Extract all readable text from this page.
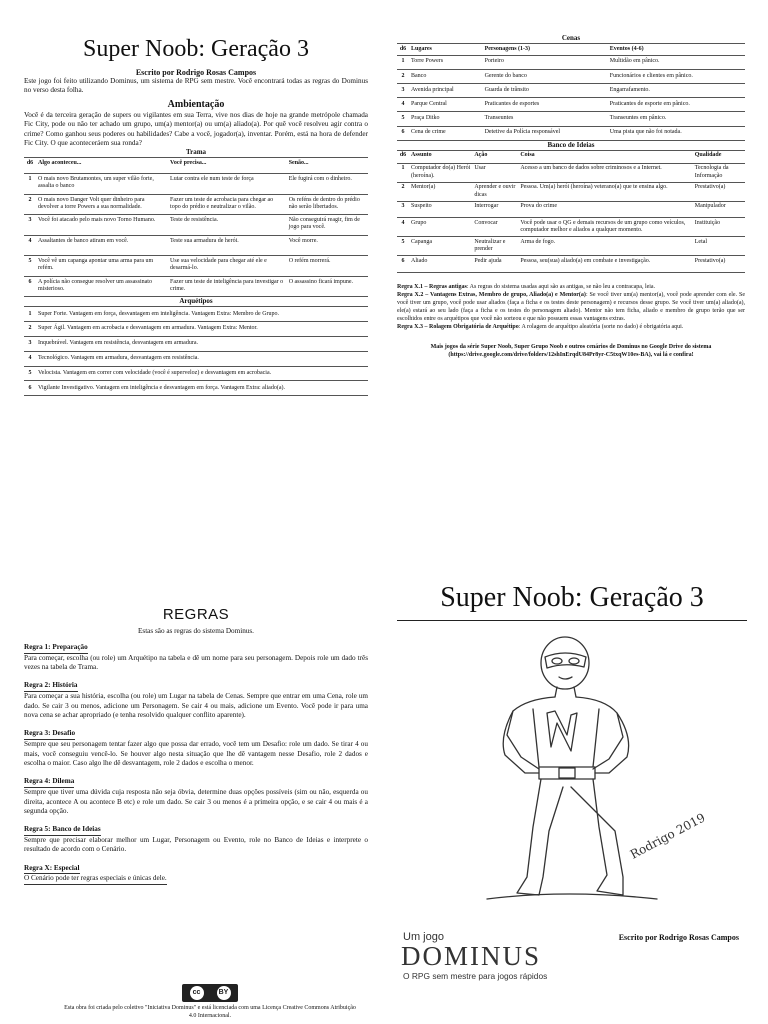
Super Noob: Geração 3
Escrito por Rodrigo Rosas Campos

Este jogo foi feito utilizando Dominus, um sistema de RPG sem mestre. Você encontrará todas as regras do Dominus no verso desta folha.

Ambientação

Você é da terceira geração de supers ou vigilantes em sua Terra, vive nos dias de hoje na grande metrópole chamada Fic City, pode ou não ter achado um grupo, um(a) mentor(a) ou um(a) aliado(a). Por quê você resolveu agir contra o crime? Como ganhou seus poderes ou habilidades? Cabe a você, jogador(a), inventar. Porém, está na hora de defender Fic City. O que aconteceráem sua ronda?

Trama
d6	Algo aconteceu...	Você precisa...	Senão...
1	O mais novo Brutamontes, um super vilão forte, assalta o banco	Lutar contra ele num teste de força	Ele fugirá com o dinheiro.
2	O mais novo Danger Volt quer dinheiro para devolver a torre Powers a sua normalidade.	Fazer um teste de acrobacia para chegar ao topo do prédio e neutralizar o vilão.	Os reféns de dentro do prédio não serão libertados.
3	Você foi atacado pelo mais novo Torno Humano.	Teste de resistência.	Não conseguirá reagir, fim de jogo para você.
4	Assaltantes de banco atiram em você.	Teste sua armadura de herói.	Você morre.
5	Você vê um capanga apontar uma arma para um refém.	Use sua velocidade para chegar até ele e desarmá-lo.	O refém morrerá.
6	A polícia não consegue resolver um assassinato misterioso.	Fazer um teste de inteligência para investigar o crime.	O assassino ficará impune.
Arquétipos
1	Super Forte. Vantagem em força, desvantagem em inteligência. Vantagem Extra: Membro de Grupo.
2	Super Ágil. Vantagem em acrobacia e desvantagem em armadura. Vantagem Extra: Mentor.
3	Inquebrável. Vantagem em resistência, desvantagem em armadura.
4	Tecnológico. Vantagem em armadura, desvantagem em resistência.
5	Velocista. Vantagem em correr com velocidade (você é superveloz) e desvantagem em acrobacia.
6	Vigilante Investigativo. Vantagem em inteligência e desvantagem em força. Vantagem Extra: aliado(a).
Cenas
d6	Lugares	Personagens (1-3)	Eventos (4-6)
1	Torre Powers	Porteiro	Multidão em pânico.
2	Banco	Gerente do banco	Funcionários e clientes em pânico.
3	Avenida principal	Guarda de trânsito	Engarrafamento.
4	Parque Central	Praticantes de esportes	Praticantes de esporte em pânico.
5	Praça Ditko	Transeuntes	Transeuntes em pânico.
6	Cena de crime	Detetive da Polícia responsável	Uma pista que não foi notada.
Banco de Ideias
d6	Assunto	Ação	Coisa	Qualidade
1	Computador do(a) Herói (heroína).	Usar	Acesso a um banco de dados sobre criminosos e a Internet.	Tecnologia da Informação
2	Mentor(a)	Aprender e ouvir dicas	Pessoa. Um(a) herói (heroína) veterano(a) que te ensina algo.	Prestativo(a)
3	Suspeito	Interrogar	Prova do crime	Manipulador
4	Grupo	Convocar	Você pode usar o QG e demais recursos de um grupo como veículos, computador melhor e aliados a qualquer momento.	Instituição
5	Capanga	Neutralizar e prender	Arma de fogo.	Letal
6	Aliado	Pedir ajuda	Pessoa, seu(sua) aliado(a) em combate e investigação.	Prestativo(a)

Regra X.1 – Regras antigas: As regras do sistema usadas aqui são as antigas, se não leu a contracapa, leia.

Regra X.2 – Vantagens Extras, Membro de grupo, Aliado(a) e Mentor(a): Se você tiver um(a) mentor(a), você pode aprender com ele. Se você tiver um grupo, você pode usar aliados (faça a ficha e os testes deste personagem) e recursos desse grupo. Se você tiver um(a) aliado(a), ele(a) estará ao seu lado (faça a ficha e os testes do personagem aliado). Mentor não tem ficha, aliado e membro de grupo terão que ser escolhidos entre os arquétipos que você não sorteou e que não possuem essas vantagens extras.

Regra X.3 – Rolagem Obrigatória de Arquétipo: A rolagem de arquétipo aleatória (sorte no dado) é obrigatória aqui.

Mais jogos da série Super Noob, Super Grupo Noob e outros cenários de Dominus no Google Drive do sistema (https://drive.google.com/drive/folders/12shInErqdU84Pr8yr-C5txqW10es-BA), vai lá e confira!

REGRAS
Estas são as regras do sistema Dominus.
Regra 1: Preparação
Para começar, escolha (ou role) um Arquétipo na tabela e dê um nome para seu personagem. Depois role um dado três vezes na tabela de Trama.
Regra 2: História
Para começar a sua história, escolha (ou role) um Lugar na tabela de Cenas. Sempre que entrar em uma Cena, role um dado. Se cair 3 ou menos, adicione um Personagem. Se cair 4 ou mais, adicione um Evento. Você pode ir para uma nova cena se achar apropriado (e tenha resolvido qualquer conflito aparente).
Regra 3: Desafio
Sempre que seu personagem tentar fazer algo que possa dar errado, você tem um Desafio: role um dado. Se tirar 4 ou mais, você conseguiu vencê-lo. Se houver algo nesta situação que lhe dê vantagem nesse Desafio, role 2 dados e escolha o maior. Caso algo lhe dê desvantagem, role 2 dados e escolha o menor.
Regra 4: Dilema
Sempre que tiver uma dúvida cuja resposta não seja óbvia, determine duas opções possíveis (sim ou não, esquerda ou direita, acontece A ou acontece B etc) e role um dado. Se cair 3 ou menos é a primeira opção, e se cair 4 ou mais é a segunda opção.
Regra 5: Banco de Ideias
Sempre que precisar elaborar melhor um Lugar, Personagem ou Evento, role no Banco de Ideias e interprete o resultado de acordo com o Cenário.
Regra X: Especial
O Cenário pode ter regras especiais e únicas dele.
Super Noob: Geração 3
Rodrigo 2019
Um jogo
DOMINUS
O RPG sem mestre para jogos rápidos
Escrito por Rodrigo Rosas Campos
cc	BY
Esta obra foi criada pelo coletivo "Iniciativa Dominus" e está licenciada com uma Licença Creative Commons Atribuição 4.0 Internacional.
